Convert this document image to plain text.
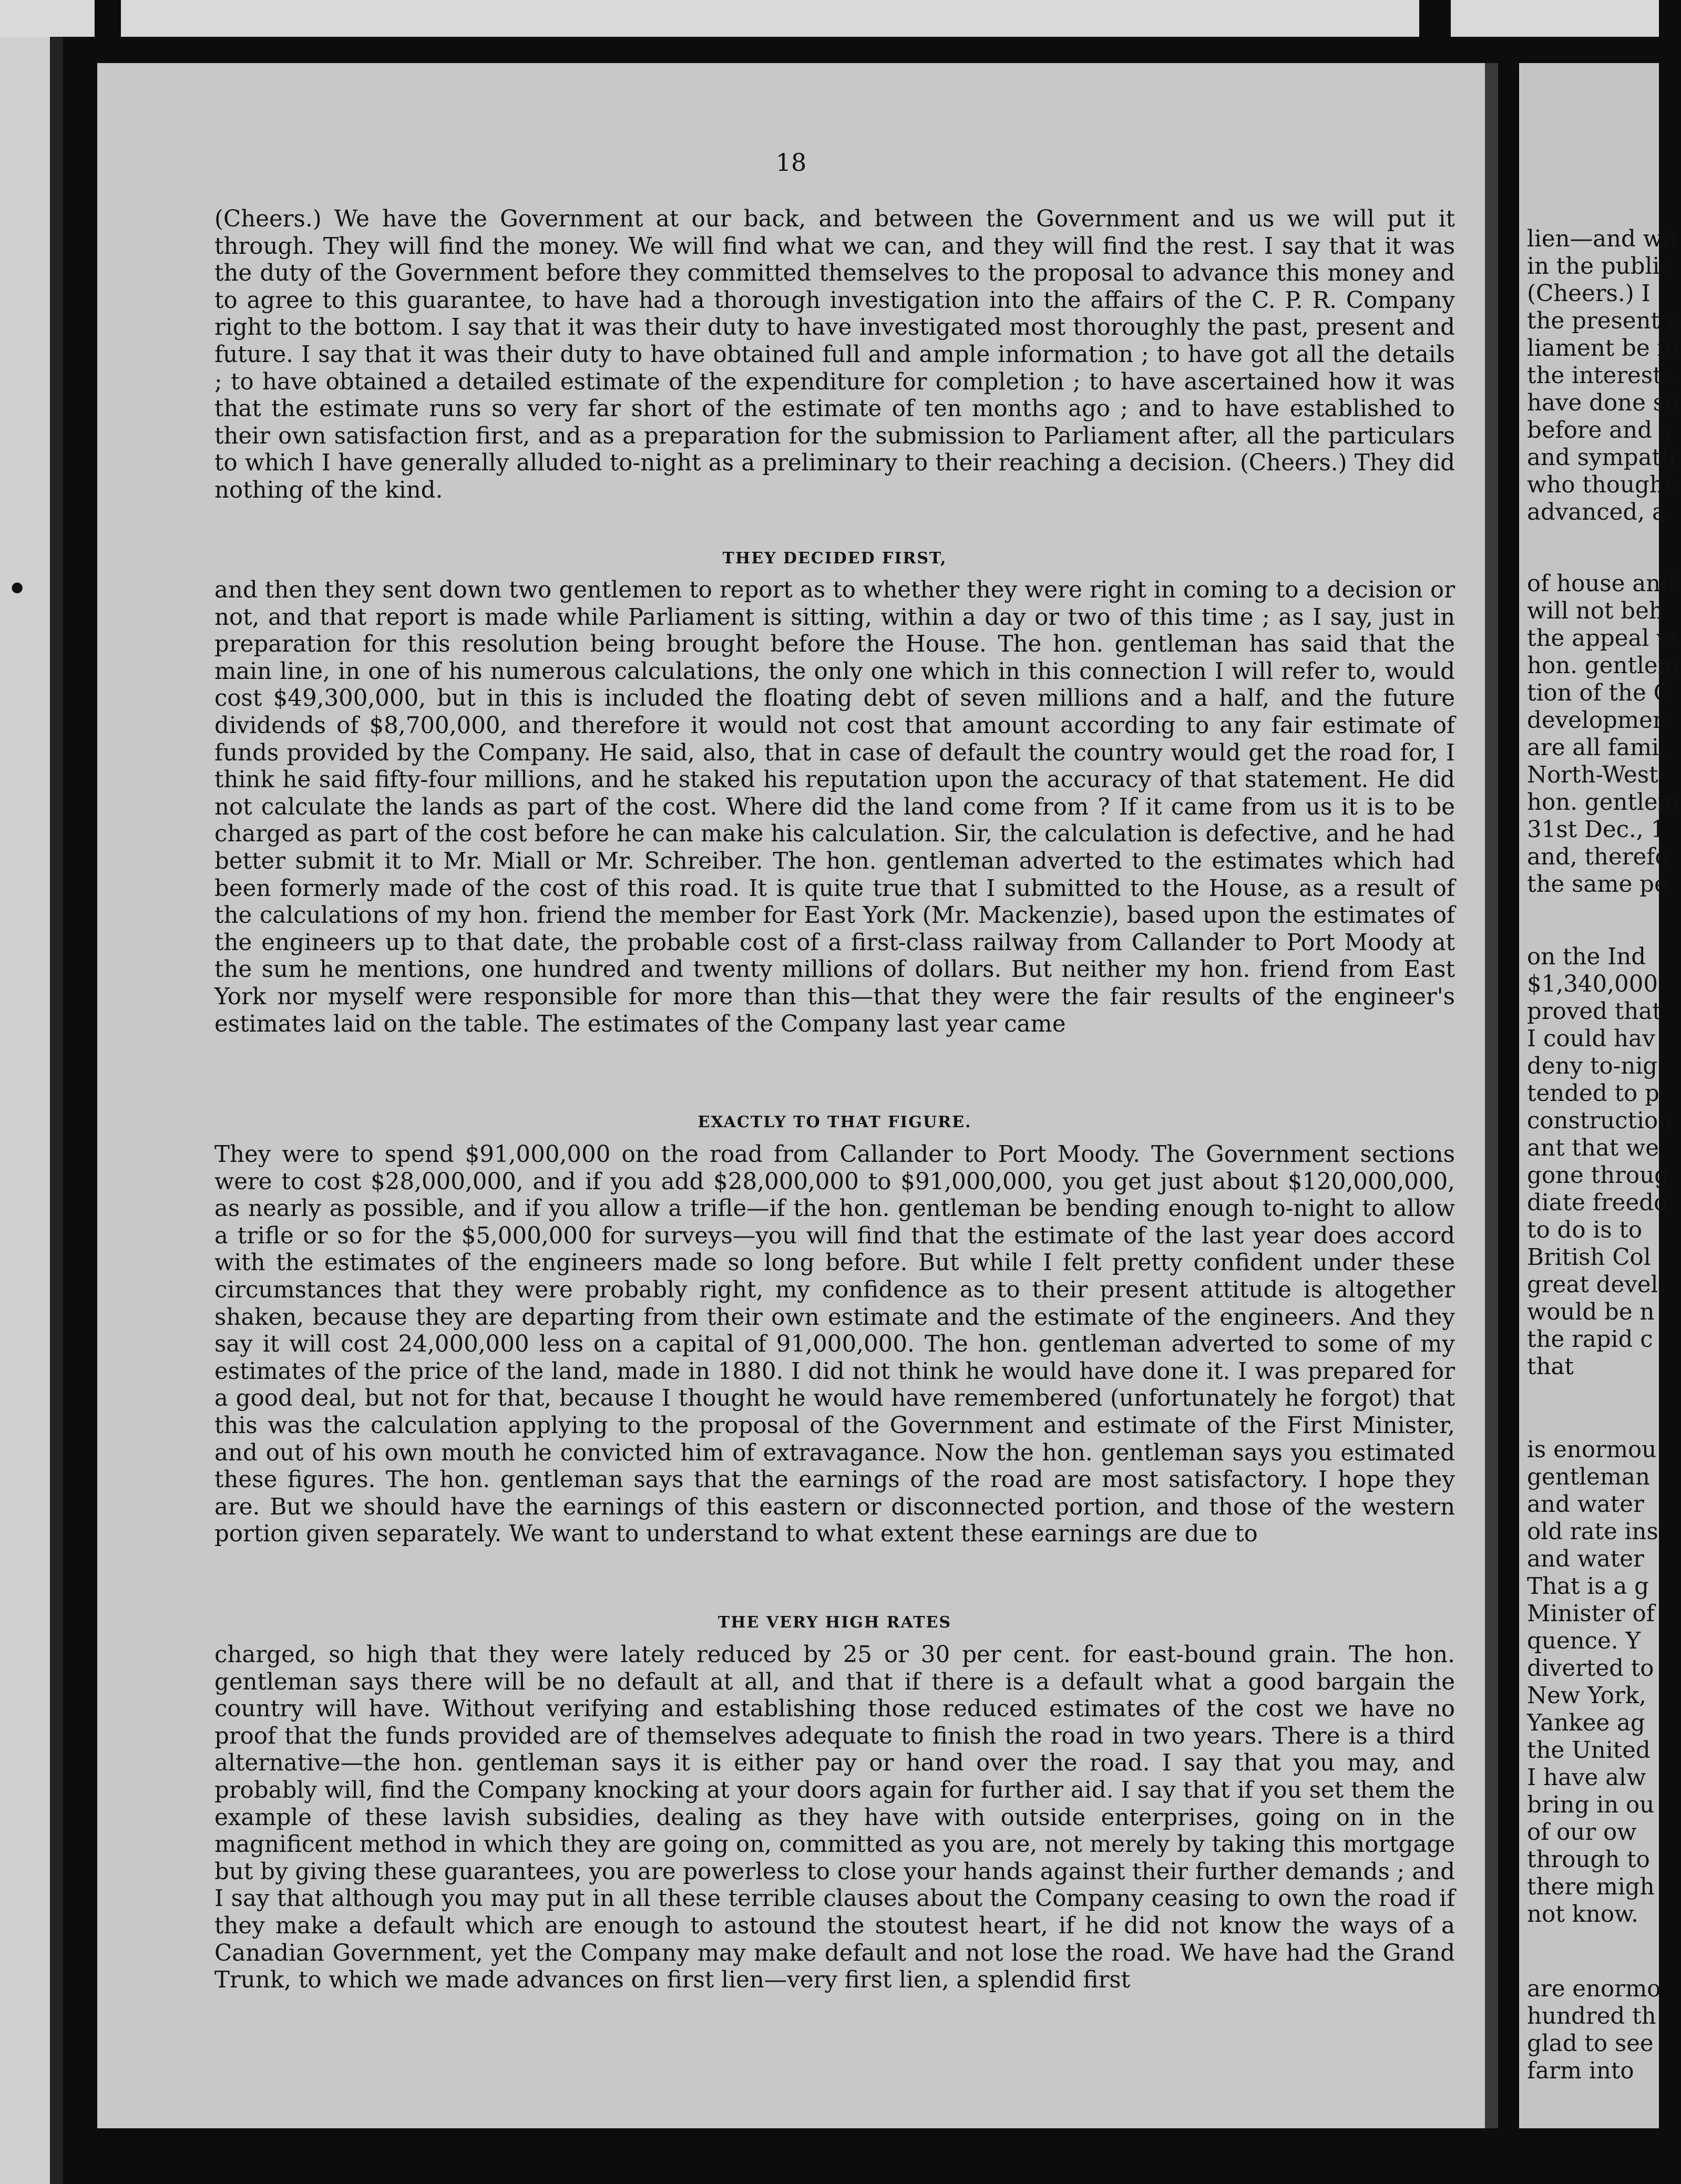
•
18

(Cheers.) We have the Government at our back, and between the Government and us we will put it through. They will find the money. We will find what we can, and they will find the rest. I say that it was the duty of the Government before they committed themselves to the proposal to advance this money and to agree to this guarantee, to have had a thorough investigation into the affairs of the C. P. R. Company right to the bottom. I say that it was their duty to have investigated most thoroughly the past, present and future. I say that it was their duty to have obtained full and ample information ; to have got all the details ; to have obtained a detailed estimate of the expenditure for completion ; to have ascertained how it was that the estimate runs so very far short of the estimate of ten months ago ; and to have established to their own satisfaction first, and as a preparation for the submission to Parliament after, all the particulars to which I have generally alluded to-night as a preliminary to their reaching a decision. (Cheers.) They did nothing of the kind.

THEY DECIDED FIRST,

and then they sent down two gentlemen to report as to whether they were right in coming to a decision or not, and that report is made while Parliament is sitting, within a day or two of this time ; as I say, just in preparation for this resolution being brought before the House. The hon. gentleman has said that the main line, in one of his numerous calculations, the only one which in this connection I will refer to, would cost $49,300,000, but in this is included the floating debt of seven millions and a half, and the future dividends of $8,700,000, and therefore it would not cost that amount according to any fair estimate of funds provided by the Company. He said, also, that in case of default the country would get the road for, I think he said fifty-four millions, and he staked his reputation upon the accuracy of that statement. He did not calculate the lands as part of the cost. Where did the land come from ? If it came from us it is to be charged as part of the cost before he can make his calculation. Sir, the calculation is defective, and he had better submit it to Mr. Miall or Mr. Schreiber. The hon. gentleman adverted to the estimates which had been formerly made of the cost of this road. It is quite true that I submitted to the House, as a result of the calculations of my hon. friend the member for East York (Mr. Mackenzie), based upon the estimates of the engineers up to that date, the probable cost of a first-class railway from Callander to Port Moody at the sum he mentions, one hundred and twenty millions of dollars. But neither my hon. friend from East York nor myself were responsible for more than this—that they were the fair results of the engineer's estimates laid on the table. The estimates of the Company last year came

EXACTLY TO THAT FIGURE.

They were to spend $91,000,000 on the road from Callander to Port Moody. The Government sections were to cost $28,000,000, and if you add $28,000,000 to $91,000,000, you get just about $120,000,000, as nearly as possible, and if you allow a trifle—if the hon. gentleman be bending enough to-night to allow a trifle or so for the $5,000,000 for surveys—you will find that the estimate of the last year does accord with the estimates of the engineers made so long before. But while I felt pretty confident under these circumstances that they were probably right, my confidence as to their present attitude is altogether shaken, because they are departing from their own estimate and the estimate of the engineers. And they say it will cost 24,000,000 less on a capital of 91,000,000. The hon. gentleman adverted to some of my estimates of the price of the land, made in 1880. I did not think he would have done it. I was prepared for a good deal, but not for that, because I thought he would have remembered (unfortunately he forgot) that this was the calculation applying to the proposal of the Government and estimate of the First Minister, and out of his own mouth he convicted him of extravagance. Now the hon. gentleman says you estimated these figures. The hon. gentleman says that the earnings of the road are most satisfactory. I hope they are. But we should have the earnings of this eastern or disconnected portion, and those of the western portion given separately. We want to understand to what extent these earnings are due to

THE VERY HIGH RATES

charged, so high that they were lately reduced by 25 or 30 per cent. for east-bound grain. The hon. gentleman says there will be no default at all, and that if there is a default what a good bargain the country will have. Without verifying and establishing those reduced estimates of the cost we have no proof that the funds provided are of themselves adequate to finish the road in two years. There is a third alternative—the hon. gentleman says it is either pay or hand over the road. I say that you may, and probably will, find the Company knocking at your doors again for further aid. I say that if you set them the example of these lavish subsidies, dealing as they have with outside enterprises, going on in the magnificent method in which they are going on, committed as you are, not merely by taking this mortgage but by giving these guarantees, you are powerless to close your hands against their further demands ; and I say that although you may put in all these terrible clauses about the Company ceasing to own the road if they make a default which are enough to astound the stoutest heart, if he did not know the ways of a Canadian Government, yet the Company may make default and not lose the road. We have had the Grand Trunk, to which we made advances on first lien—very first lien, a splendid first

lien—and wh
in the public
(Cheers.) I
the present a
liament be in
the interests
have done so
before and s
and sympath
who thought
advanced, a
of house and
will not beh
the appeal w
hon. gentlem
tion of the C
developmen
are all famil
North-West
hon. gentlem
31st Dec., 1
and, therefo
the same pe
on the Ind
$1,340,000
proved that
I could hav
deny to-nig
tended to p
construction
ant that we
gone throug
diate freedo
to do is to
British Col
great devel
would be n
the rapid c
that
is enormou
gentleman
and water
old rate ins
and water
That is a g
Minister of
quence. Y
diverted to
New York,
Yankee ag
the United
I have alw
bring in ou
of our ow
through to
there migh
not know.
are enormo
hundred th
glad to see
farm into
